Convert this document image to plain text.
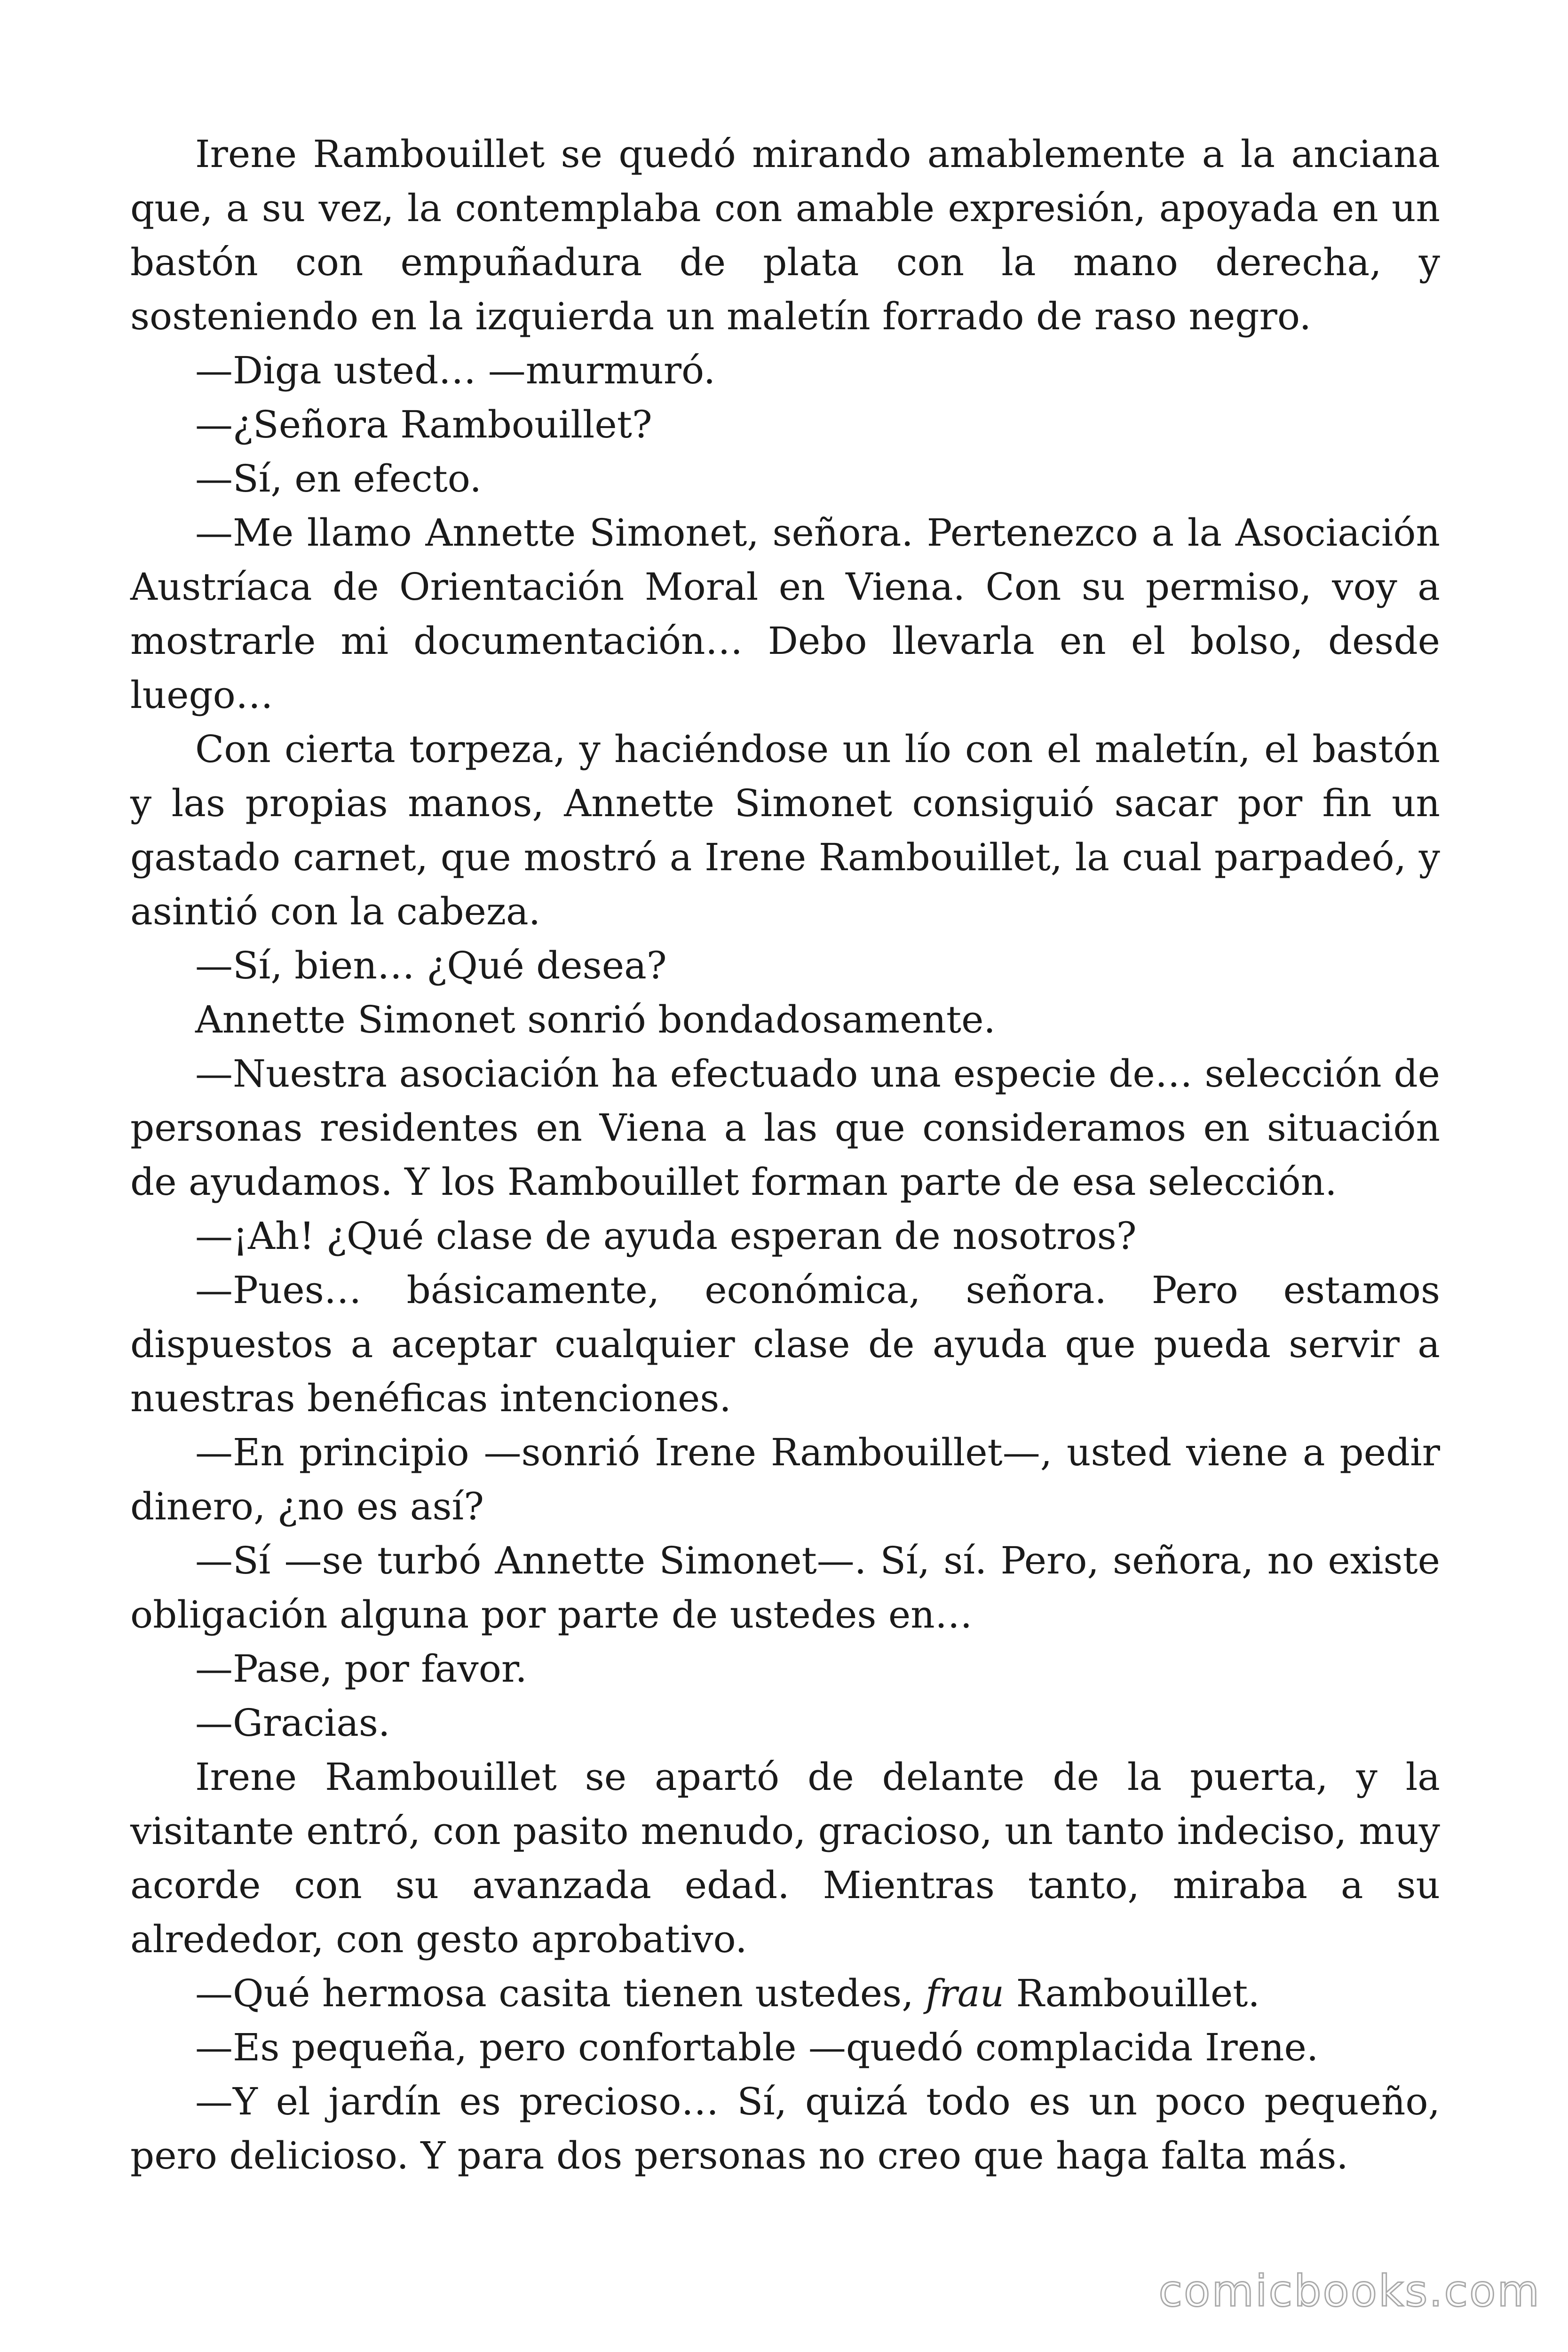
Irene Rambouillet se quedó mirando amablemente a la anciana que, a su vez, la contemplaba con amable expresión, apoyada en un bastón con empuñadura de plata con la mano derecha, y sosteniendo en la izquierda un maletín forrado de raso negro.

—Diga usted… —murmuró.

—¿Señora Rambouillet?

—Sí, en efecto.

—Me llamo Annette Simonet, señora. Pertenezco a la Asociación Austríaca de Orientación Moral en Viena. Con su permiso, voy a mostrarle mi documentación… Debo llevarla en el bolso, desde luego…

Con cierta torpeza, y haciéndose un lío con el maletín, el bastón y las propias manos, Annette Simonet consiguió sacar por fin un gastado carnet, que mostró a Irene Rambouillet, la cual parpadeó, y asintió con la cabeza.

—Sí, bien… ¿Qué desea?

Annette Simonet sonrió bondadosamente.

—Nuestra asociación ha efectuado una especie de… selección de personas residentes en Viena a las que consideramos en situación de ayudamos. Y los Rambouillet forman parte de esa selección.

—¡Ah! ¿Qué clase de ayuda esperan de nosotros?

—Pues… básicamente, económica, señora. Pero estamos dispuestos a aceptar cualquier clase de ayuda que pueda servir a nuestras benéficas intenciones.

—En principio —sonrió Irene Rambouillet—, usted viene a pedir dinero, ¿no es así?

—Sí —se turbó Annette Simonet—. Sí, sí. Pero, señora, no existe obligación alguna por parte de ustedes en…

—Pase, por favor.

—Gracias.

Irene Rambouillet se apartó de delante de la puerta, y la visitante entró, con pasito menudo, gracioso, un tanto indeciso, muy acorde con su avanzada edad. Mientras tanto, miraba a su alrededor, con gesto aprobativo.

—Qué hermosa casita tienen ustedes, frau Rambouillet.

—Es pequeña, pero confortable —quedó complacida Irene.

—Y el jardín es precioso… Sí, quizá todo es un poco pequeño, pero delicioso. Y para dos personas no creo que haga falta más.

comicbooks.com
